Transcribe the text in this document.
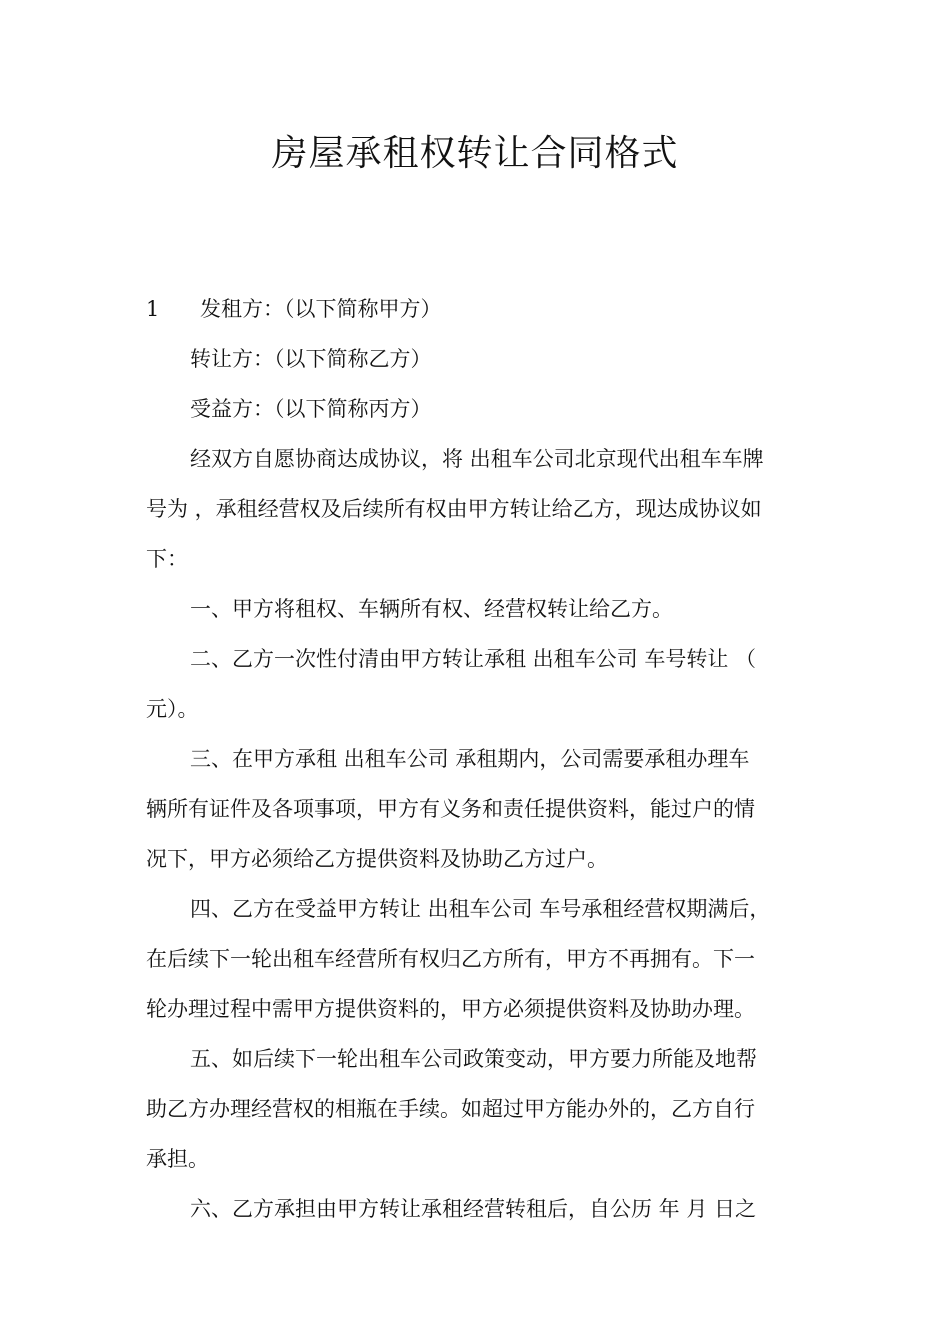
房屋承租权转让合同格式
1 发租方：（以下简称甲方）
转让方：（以下简称乙方）
受益方：（以下简称丙方）
经双方自愿协商达成协议，将 出租车公司北京现代出租车车牌
号为 ，承租经营权及后续所有权由甲方转让给乙方，现达成协议如
下：
一、甲方将租权、车辆所有权、经营权转让给乙方。
二、乙方一次性付清由甲方转让承租 出租车公司 车号转让 （
元）。
三、在甲方承租 出租车公司 承租期内，公司需要承租办理车
辆所有证件及各项事项，甲方有义务和责任提供资料，能过户的情
况下，甲方必须给乙方提供资料及协助乙方过户。
四、乙方在受益甲方转让 出租车公司 车号承租经营权期满后，
在后续下一轮出租车经营所有权归乙方所有，甲方不再拥有。下一
轮办理过程中需甲方提供资料的，甲方必须提供资料及协助办理。
五、如后续下一轮出租车公司政策变动，甲方要力所能及地帮
助乙方办理经营权的相瓶在手续。如超过甲方能办外的，乙方自行
承担。
六、乙方承担由甲方转让承租经营转租后，自公历 年 月 日之
